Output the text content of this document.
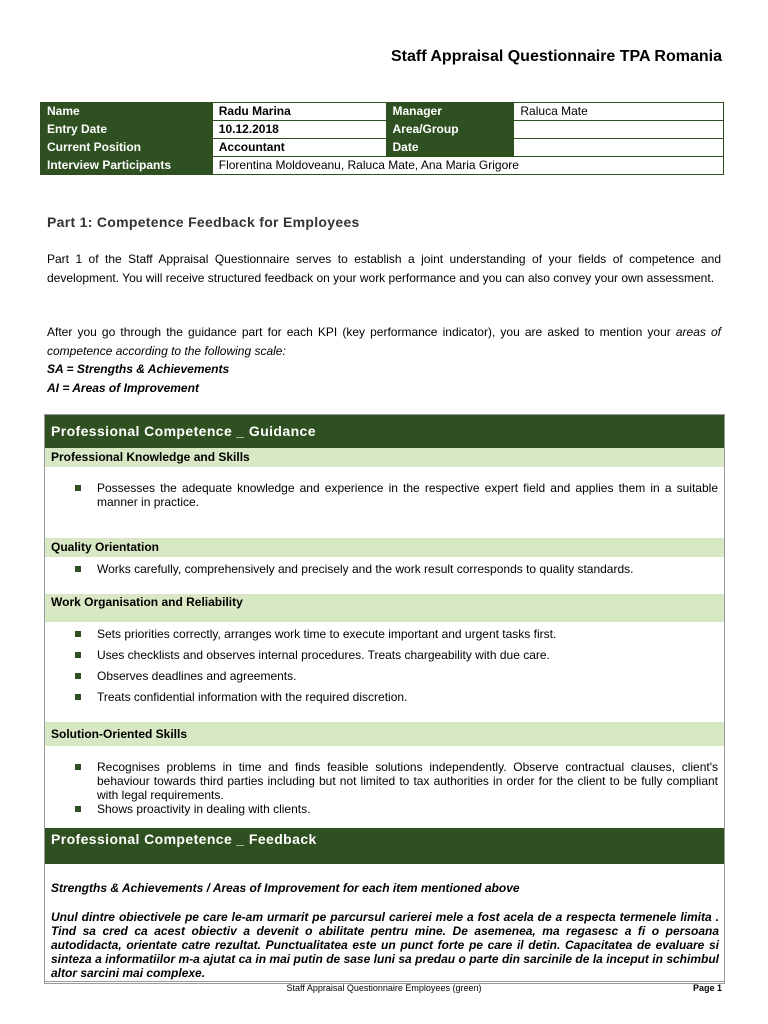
Staff Appraisal Questionnaire TPA Romania
Name	Radu Marina	Manager	Raluca Mate
Entry Date	10.12.2018	Area/Group	
Current Position	Accountant	Date	
Interview Participants	Florentina Moldoveanu, Raluca Mate, Ana Maria Grigore		
Part 1: Competence Feedback for Employees
Part 1 of the Staff Appraisal Questionnaire serves to establish a joint understanding of your fields of competence and development. You will receive structured feedback on your work performance and you can also convey your own assessment.
After you go through the guidance part for each KPI (key performance indicator), you are asked to mention your areas of competence according to the following scale:
SA = Strengths & Achievements
AI = Areas of Improvement
Professional Competence _ Guidance
Professional Knowledge and Skills
Possesses the adequate knowledge and experience in the respective expert field and applies them in a suitable manner in practice.
Quality Orientation
Works carefully, comprehensively and precisely and the work result corresponds to quality standards.
Work Organisation and Reliability
Sets priorities correctly, arranges work time to execute important and urgent tasks first.
Uses checklists and observes internal procedures. Treats chargeability with due care.
Observes deadlines and agreements.
Treats confidential information with the required discretion.
Solution-Oriented Skills
Recognises problems in time and finds feasible solutions independently. Observe contractual clauses, client's behaviour towards third parties including but not limited to tax authorities in order for the client to be fully compliant with legal requirements.
Shows proactivity in dealing with clients.
Professional Competence _ Feedback
Strengths & Achievements / Areas of Improvement for each item mentioned above
Unul dintre obiectivele pe care le-am urmarit pe parcursul carierei mele a fost acela de a respecta termenele limita . Tind sa cred ca acest obiectiv a devenit o abilitate pentru mine. De asemenea, ma regasesc a fi o persoana autodidacta, orientate catre rezultat. Punctualitatea este un punct forte pe care il detin. Capacitatea de evaluare si sinteza a informatiilor m-a ajutat ca in mai putin de sase luni sa predau o parte din sarcinile de la inceput in schimbul altor sarcini mai complexe.
Staff Appraisal Questionnaire Employees (green)	Page 1
